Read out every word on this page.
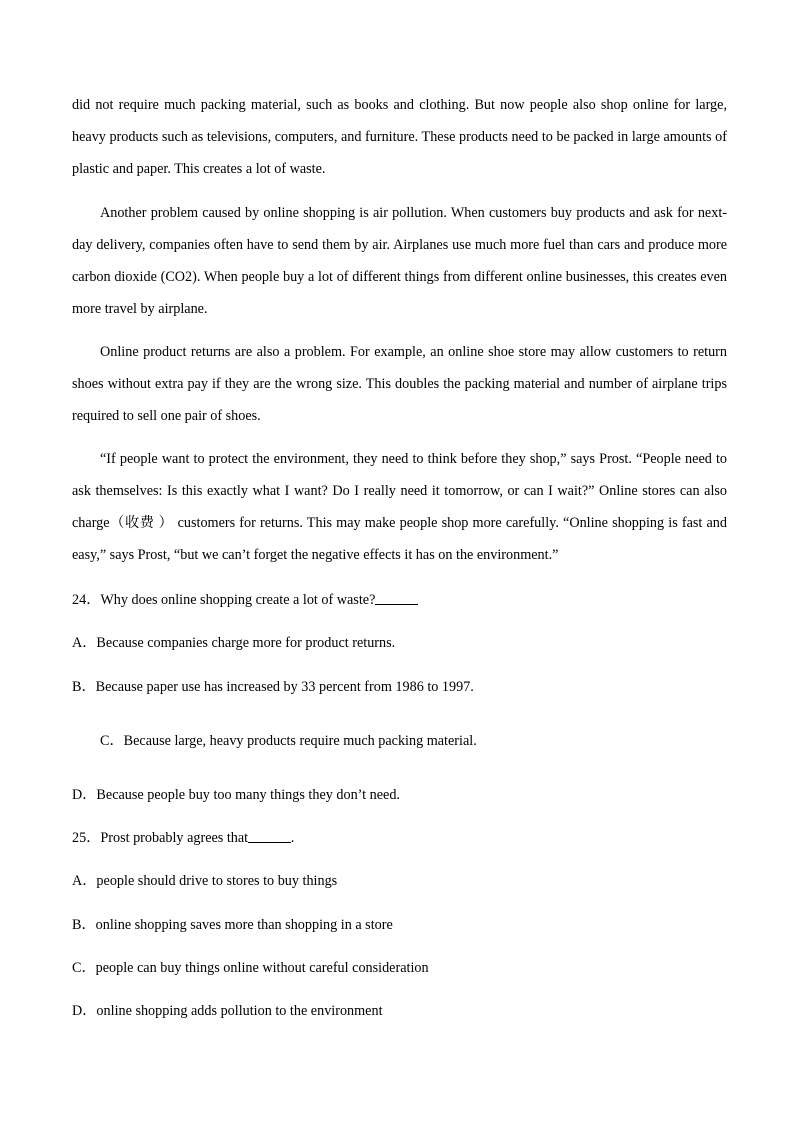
did not require much packing material, such as books and clothing. But now people also shop online for large,
heavy products such as televisions, computers, and furniture. These products need to be packed in large amounts of
plastic and paper. This creates a lot of waste.
Another problem caused by online shopping is air pollution. When customers buy products and ask for next-
day delivery, companies often have to send them by air. Airplanes use much more fuel than cars and produce more
carbon dioxide (CO2). When people buy a lot of different things from different online businesses, this creates even
more travel by airplane.
Online product returns are also a problem. For example, an online shoe store may allow customers to return
shoes without extra pay if they are the wrong size. This doubles the packing material and number of airplane trips
required to sell one pair of shoes.
“If people want to protect the environment, they need to think before they shop,” says Prost. “People need to
ask themselves: Is this exactly what I want? Do I really need it tomorrow, or can I wait?” Online stores can also
charge（收费 ） customers for returns. This may make people shop more carefully. “Online shopping is fast and
easy,” says Prost, “but we can’t forget the negative effects it has on the environment.”

24．Why does online shopping create a lot of waste?

A．Because companies charge more for product returns.

B．Because paper use has increased by 33 percent from 1986 to 1997.

C．Because large, heavy products require much packing material.

D．Because people buy too many things they don’t need.

25．Prost probably agrees that	.

A．people should drive to stores to buy things

B．online shopping saves more than shopping in a store

C．people can buy things online without careful consideration

D．online shopping adds pollution to the environment
